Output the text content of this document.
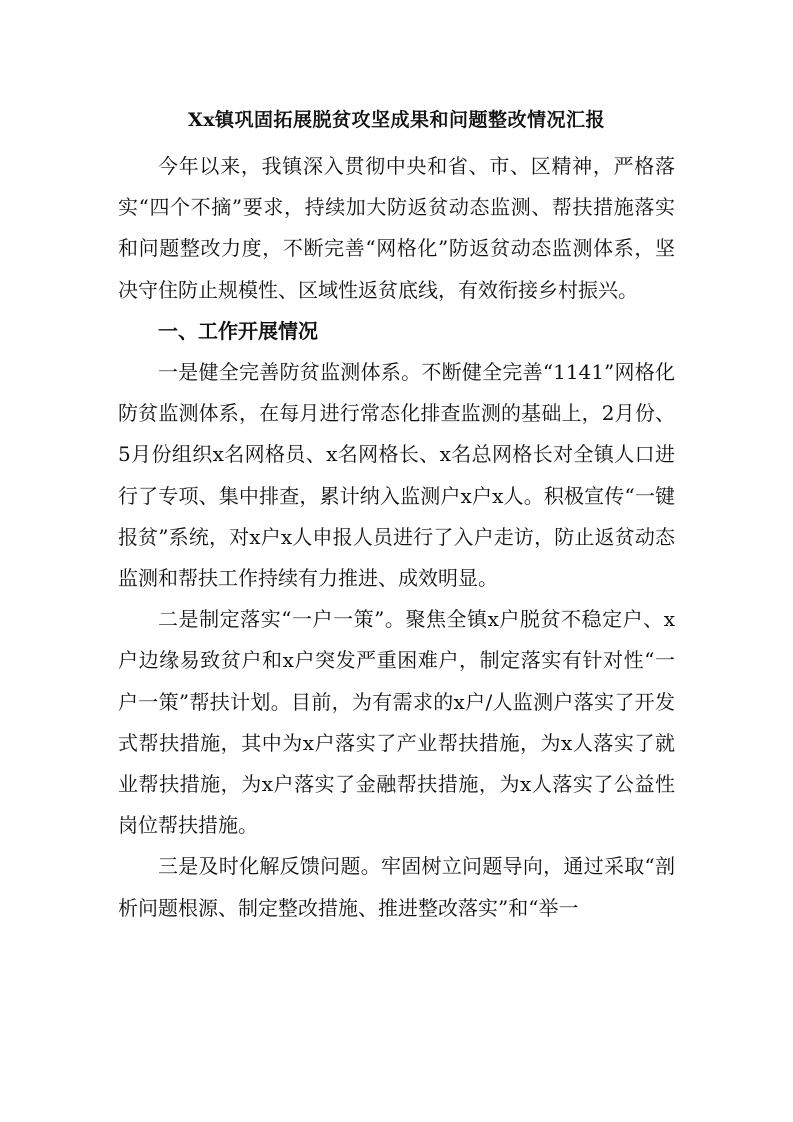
Xx镇巩固拓展脱贫攻坚成果和问题整改情况汇报

今年以来，我镇深入贯彻中央和省、市、区精神，严格落实“四个不摘”要求，持续加大防返贫动态监测、帮扶措施落实和问题整改力度，不断完善“网格化”防返贫动态监测体系，坚决守住防止规模性、区域性返贫底线，有效衔接乡村振兴。

一、工作开展情况

一是健全完善防贫监测体系。不断健全完善“1141”网格化防贫监测体系，在每月进行常态化排查监测的基础上，2月份、5月份组织x名网格员、x名网格长、x名总网格长对全镇人口进行了专项、集中排查，累计纳入监测户x户x人。积极宣传“一键报贫”系统，对x户x人申报人员进行了入户走访，防止返贫动态监测和帮扶工作持续有力推进、成效明显。

二是制定落实“一户一策”。聚焦全镇x户脱贫不稳定户、x户边缘易致贫户和x户突发严重困难户，制定落实有针对性“一户一策”帮扶计划。目前，为有需求的x户/人监测户落实了开发式帮扶措施，其中为x户落实了产业帮扶措施，为x人落实了就业帮扶措施，为x户落实了金融帮扶措施，为x人落实了公益性岗位帮扶措施。

三是及时化解反馈问题。牢固树立问题导向，通过采取“剖析问题根源、制定整改措施、推进整改落实”和“举一
